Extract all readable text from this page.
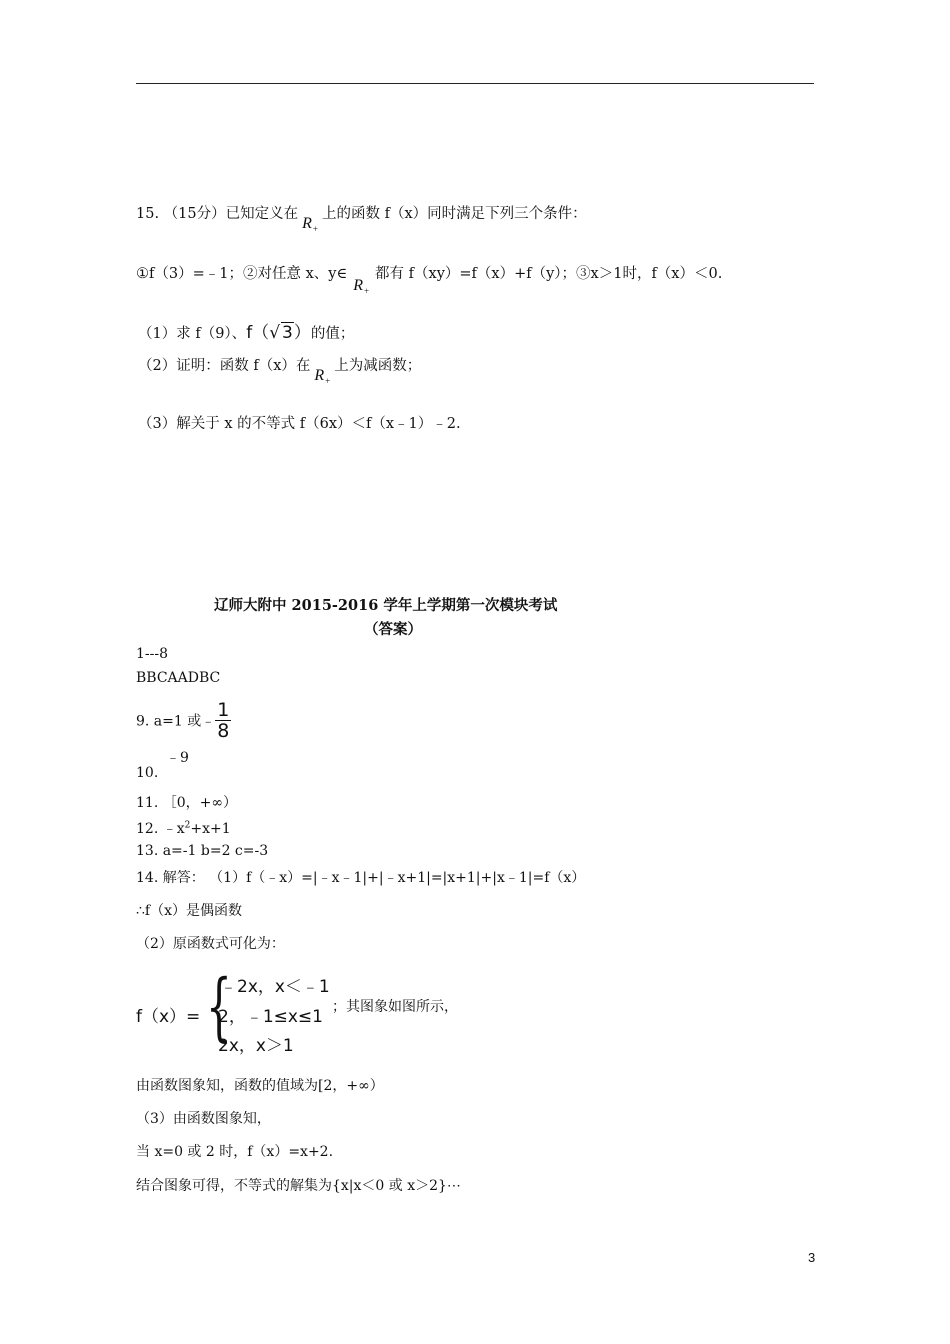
15. （15分）已知定义在$R_+$上的函数 f（x）同时满足下列三个条件：
①f（3）=﹣1；②对任意 x、$y\in R_+$都有 f（xy）=f（x）+f（y）；③x＞1时，f（x）＜0.
（1）求 f（9）、f（√ 3）的值；
（2）证明：函数 f（x）在$R_+$上为减函数；
（3）解关于 x 的不等式 f（6x）＜f（x﹣1）﹣2.
辽师大附中 2015-2016 学年上学期第一次模块考试
（答案）
1---8
BBCAADBC
9. a=1 或﹣ $\frac{1}{8}$
﹣9
10.
11. ［0，+∞）
12. $﹣x^2+x+1$
13. a=-1 b=2 c=-3
14. 解答： （1）f（﹣x）=|﹣x﹣1|+|﹣x+1|=|x+1|+|x﹣1|=f（x）
∴f（x）是偶函数
（2）原函数式可化为：
f（x）= {
﹣2x，x＜﹣1
2，﹣1≤x≤1
2x，x＞1
；其图象如图所示，
由函数图象知，函数的值域为[2，+∞）
（3）由函数图象知，
当 x=0 或 2 时，f（x）=x+2.
结合图象可得，不等式的解集为{x|x＜0 或 x＞2}⋯
3
